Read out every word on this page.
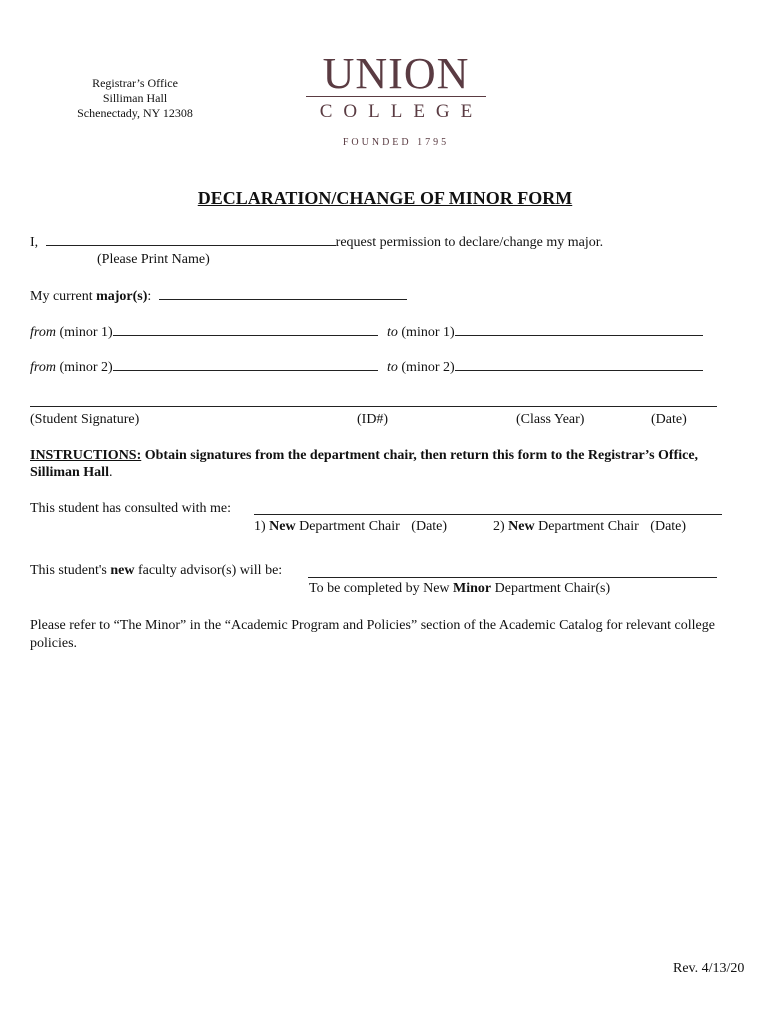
Registrar’s Office
Silliman Hall
Schenectady, NY 12308
UNION
COLLEGE
FOUNDED 1795
DECLARATION/CHANGE OF MINOR FORM
I,	request permission to declare/change my major.
(Please Print Name)
My current major(s):
from (minor 1)	to (minor 1)
from (minor 2)	to (minor 2)
(Student Signature)	(ID#)	(Class Year)	(Date)
INSTRUCTIONS: Obtain signatures from the department chair, then return this form to the Registrar’s Office,
Silliman Hall.
This student has consulted with me:
1) New Department Chair (Date)	2) New Department Chair (Date)
This student's new faculty advisor(s) will be:
To be completed by New Minor Department Chair(s)
Please refer to “The Minor” in the “Academic Program and Policies” section of the Academic Catalog for relevant college policies.
Rev. 4/13/20
